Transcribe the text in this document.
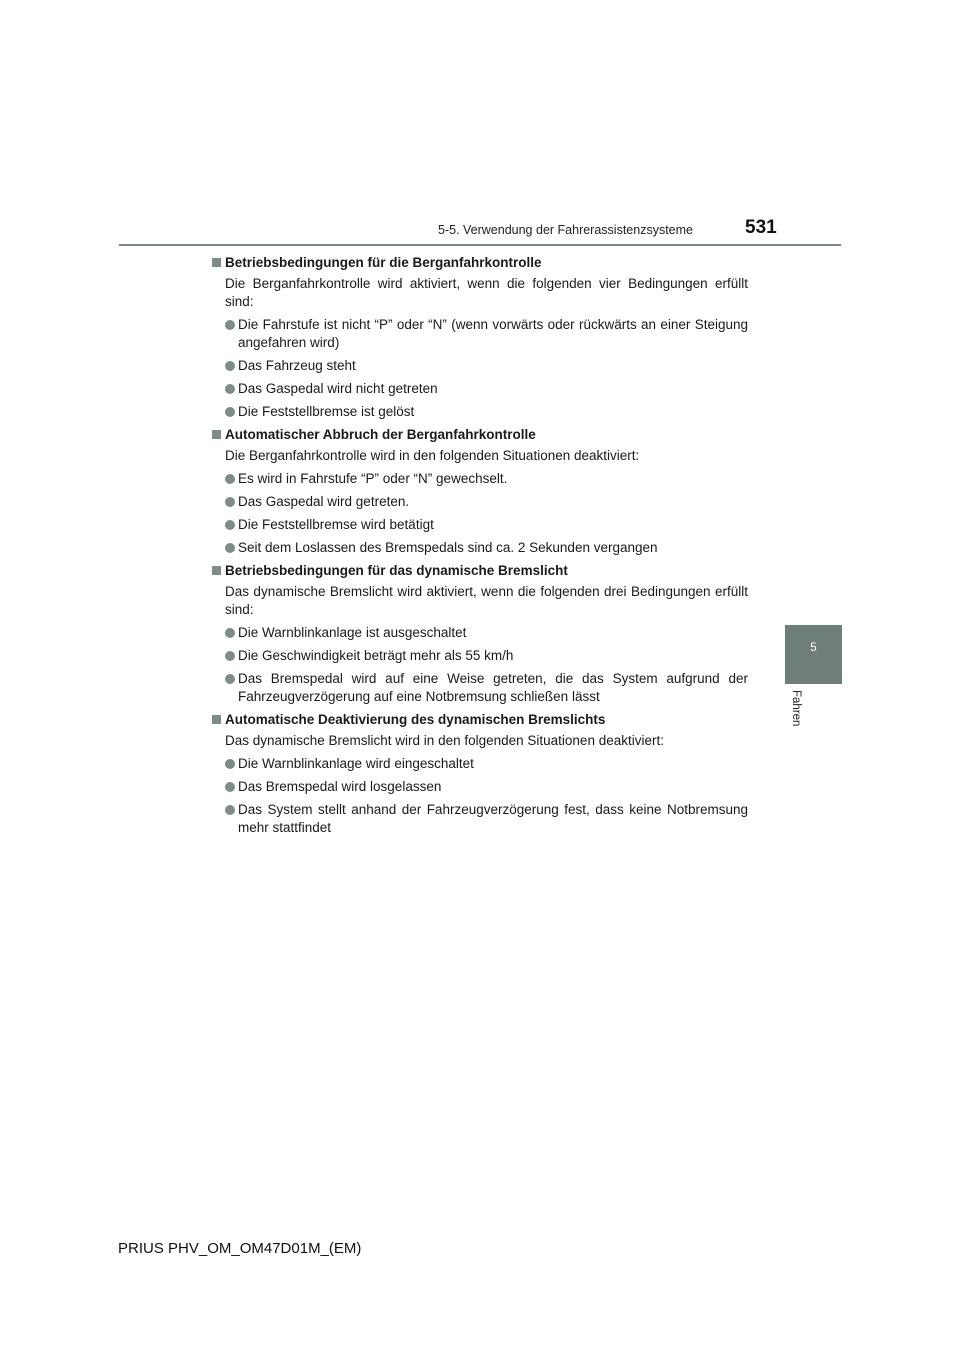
5-5. Verwendung der Fahrerassistenzsysteme	531
5
Fahren
Betriebsbedingungen für die Berganfahrkontrolle
Die Berganfahrkontrolle wird aktiviert, wenn die folgenden vier Bedingungen erfüllt sind:
Die Fahrstufe ist nicht “P” oder “N” (wenn vorwärts oder rückwärts an einer Steigung angefahren wird)
Das Fahrzeug steht
Das Gaspedal wird nicht getreten
Die Feststellbremse ist gelöst
Automatischer Abbruch der Berganfahrkontrolle
Die Berganfahrkontrolle wird in den folgenden Situationen deaktiviert:
Es wird in Fahrstufe “P” oder “N” gewechselt.
Das Gaspedal wird getreten.
Die Feststellbremse wird betätigt
Seit dem Loslassen des Bremspedals sind ca. 2 Sekunden vergangen
Betriebsbedingungen für das dynamische Bremslicht
Das dynamische Bremslicht wird aktiviert, wenn die folgenden drei Bedingungen erfüllt sind:
Die Warnblinkanlage ist ausgeschaltet
Die Geschwindigkeit beträgt mehr als 55 km/h
Das Bremspedal wird auf eine Weise getreten, die das System aufgrund der Fahrzeugverzögerung auf eine Notbremsung schließen lässt
Automatische Deaktivierung des dynamischen Bremslichts
Das dynamische Bremslicht wird in den folgenden Situationen deaktiviert:
Die Warnblinkanlage wird eingeschaltet
Das Bremspedal wird losgelassen
Das System stellt anhand der Fahrzeugverzögerung fest, dass keine Notbremsung mehr stattfindet
PRIUS PHV_OM_OM47D01M_(EM)
